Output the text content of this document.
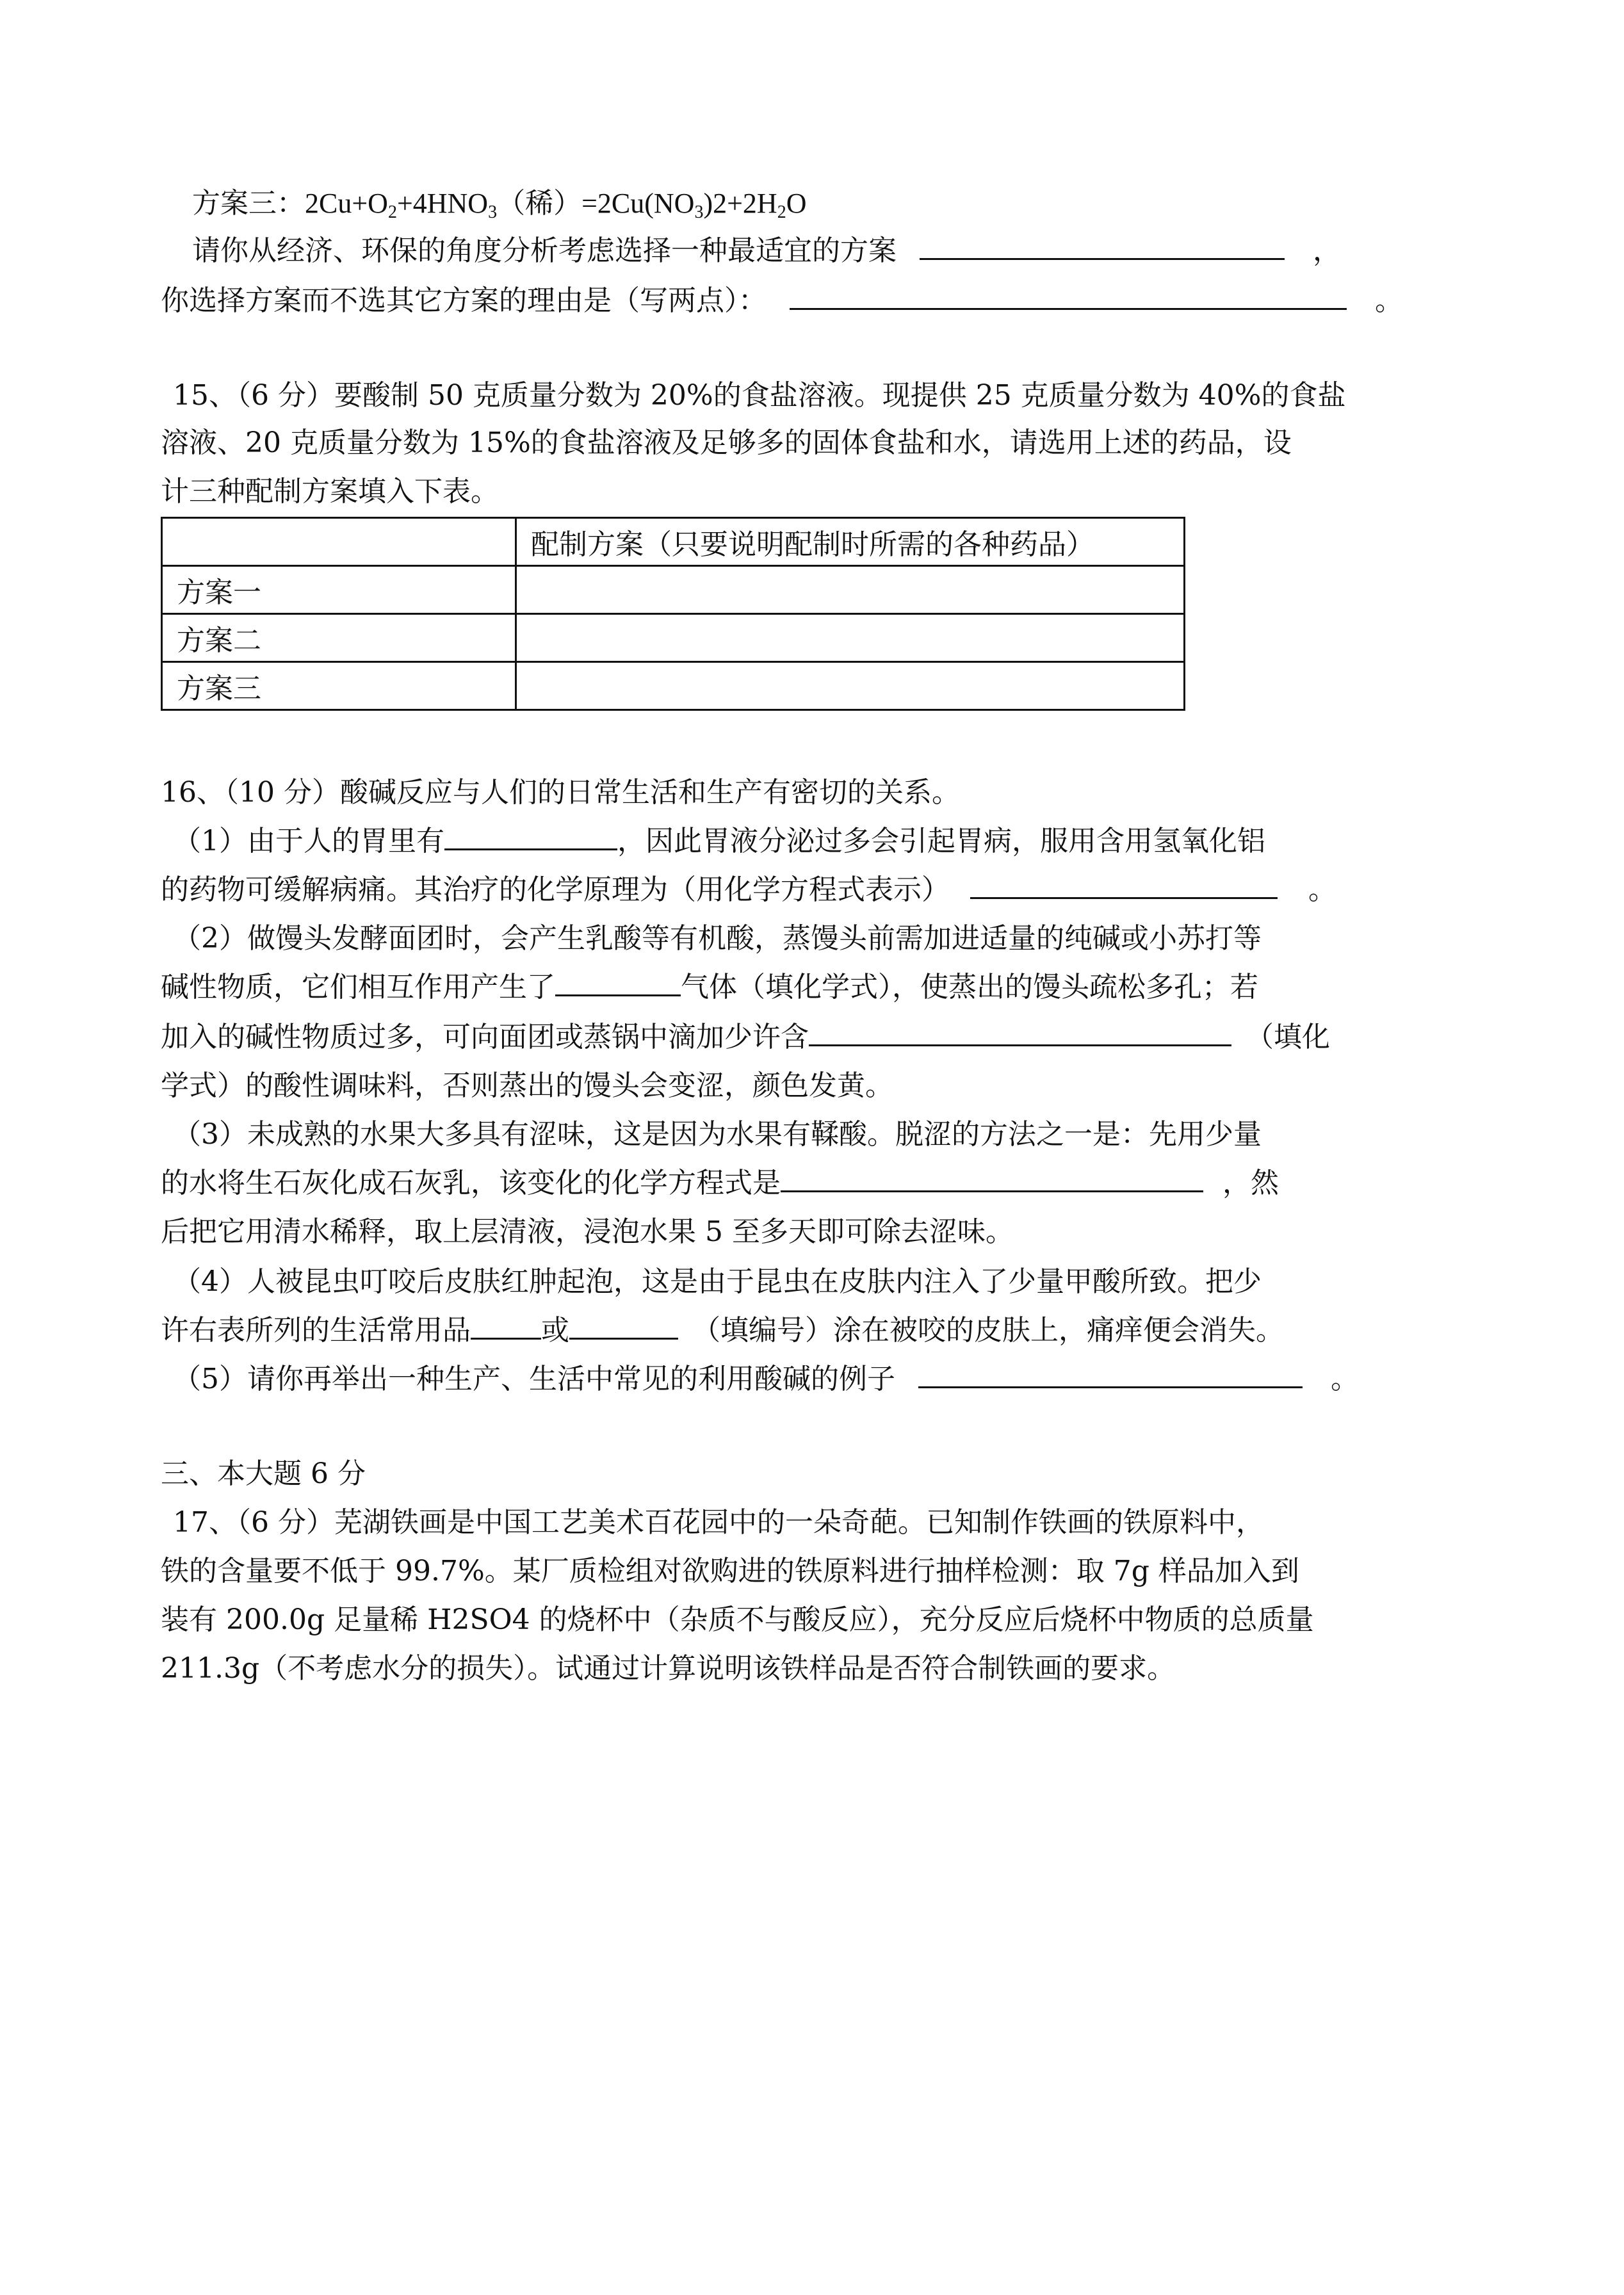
方案三：$2Cu+O_2+4HNO_3$（稀）$=2Cu(NO_3)2+2H_2O$
请你从经济、环保的角度分析考虑选择一种最适宜的方案	，
你选择方案而不选其它方案的理由是（写两点）：	。
15、（6 分）要酸制 50 克质量分数为 20%的食盐溶液。现提供 25 克质量分数为 40%的食盐
溶液、20 克质量分数为 15%的食盐溶液及足够多的固体食盐和水，请选用上述的药品，设
计三种配制方案填入下表。
	配制方案（只要说明配制时所需的各种药品）
方案一	
方案二	
方案三	
16、（10 分）酸碱反应与人们的日常生活和生产有密切的关系。
（1）由于人的胃里有	，因此胃液分泌过多会引起胃病，服用含用氢氧化铝
的药物可缓解病痛。其治疗的化学原理为（用化学方程式表示）	。
（2）做馒头发酵面团时，会产生乳酸等有机酸，蒸馒头前需加进适量的纯碱或小苏打等
碱性物质，它们相互作用产生了	气体（填化学式），使蒸出的馒头疏松多孔；若
加入的碱性物质过多，可向面团或蒸锅中滴加少许含	（填化
学式）的酸性调味料，否则蒸出的馒头会变涩，颜色发黄。
（3）未成熟的水果大多具有涩味，这是因为水果有鞣酸。脱涩的方法之一是：先用少量
的水将生石灰化成石灰乳，该变化的化学方程式是	，然
后把它用清水稀释，取上层清液，浸泡水果 5 至多天即可除去涩味。
（4）人被昆虫叮咬后皮肤红肿起泡，这是由于昆虫在皮肤内注入了少量甲酸所致。把少
许右表所列的生活常用品	或	（填编号）涂在被咬的皮肤上，痛痒便会消失。
（5）请你再举出一种生产、生活中常见的利用酸碱的例子	。
三、本大题 6 分
17、（6 分）芜湖铁画是中国工艺美术百花园中的一朵奇葩。已知制作铁画的铁原料中，
铁的含量要不低于 99.7%。某厂质检组对欲购进的铁原料进行抽样检测：取 7g 样品加入到
装有 200.0g 足量稀 H2SO4 的烧杯中（杂质不与酸反应），充分反应后烧杯中物质的总质量
211.3g（不考虑水分的损失）。试通过计算说明该铁样品是否符合制铁画的要求。
